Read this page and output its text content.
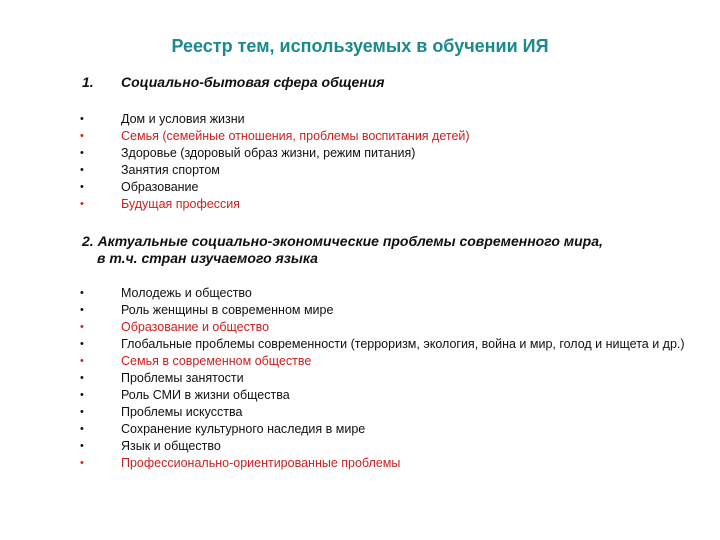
Реестр тем, используемых в обучении ИЯ
1. Социально-бытовая сфера общения
•	Дом и условия жизни
•	Семья (семейные отношения, проблемы воспитания детей)
•	Здоровье (здоровый образ жизни, режим питания)
•	Занятия спортом
•	Образование
•	Будущая профессия
2. Актуальные социально-экономические проблемы современного мира,
в т.ч. стран изучаемого языка
•	Молодежь и общество
•	Роль женщины в современном мире
•	Образование и общество
•	Глобальные проблемы современности (терроризм, экология, война и мир, голод и нищета и др.)
•	Семья в современном обществе
•	Проблемы занятости
•	Роль СМИ в жизни общества
•	Проблемы искусства
•	Сохранение культурного наследия в мире
•	Язык и общество
•	Профессионально-ориентированные проблемы
